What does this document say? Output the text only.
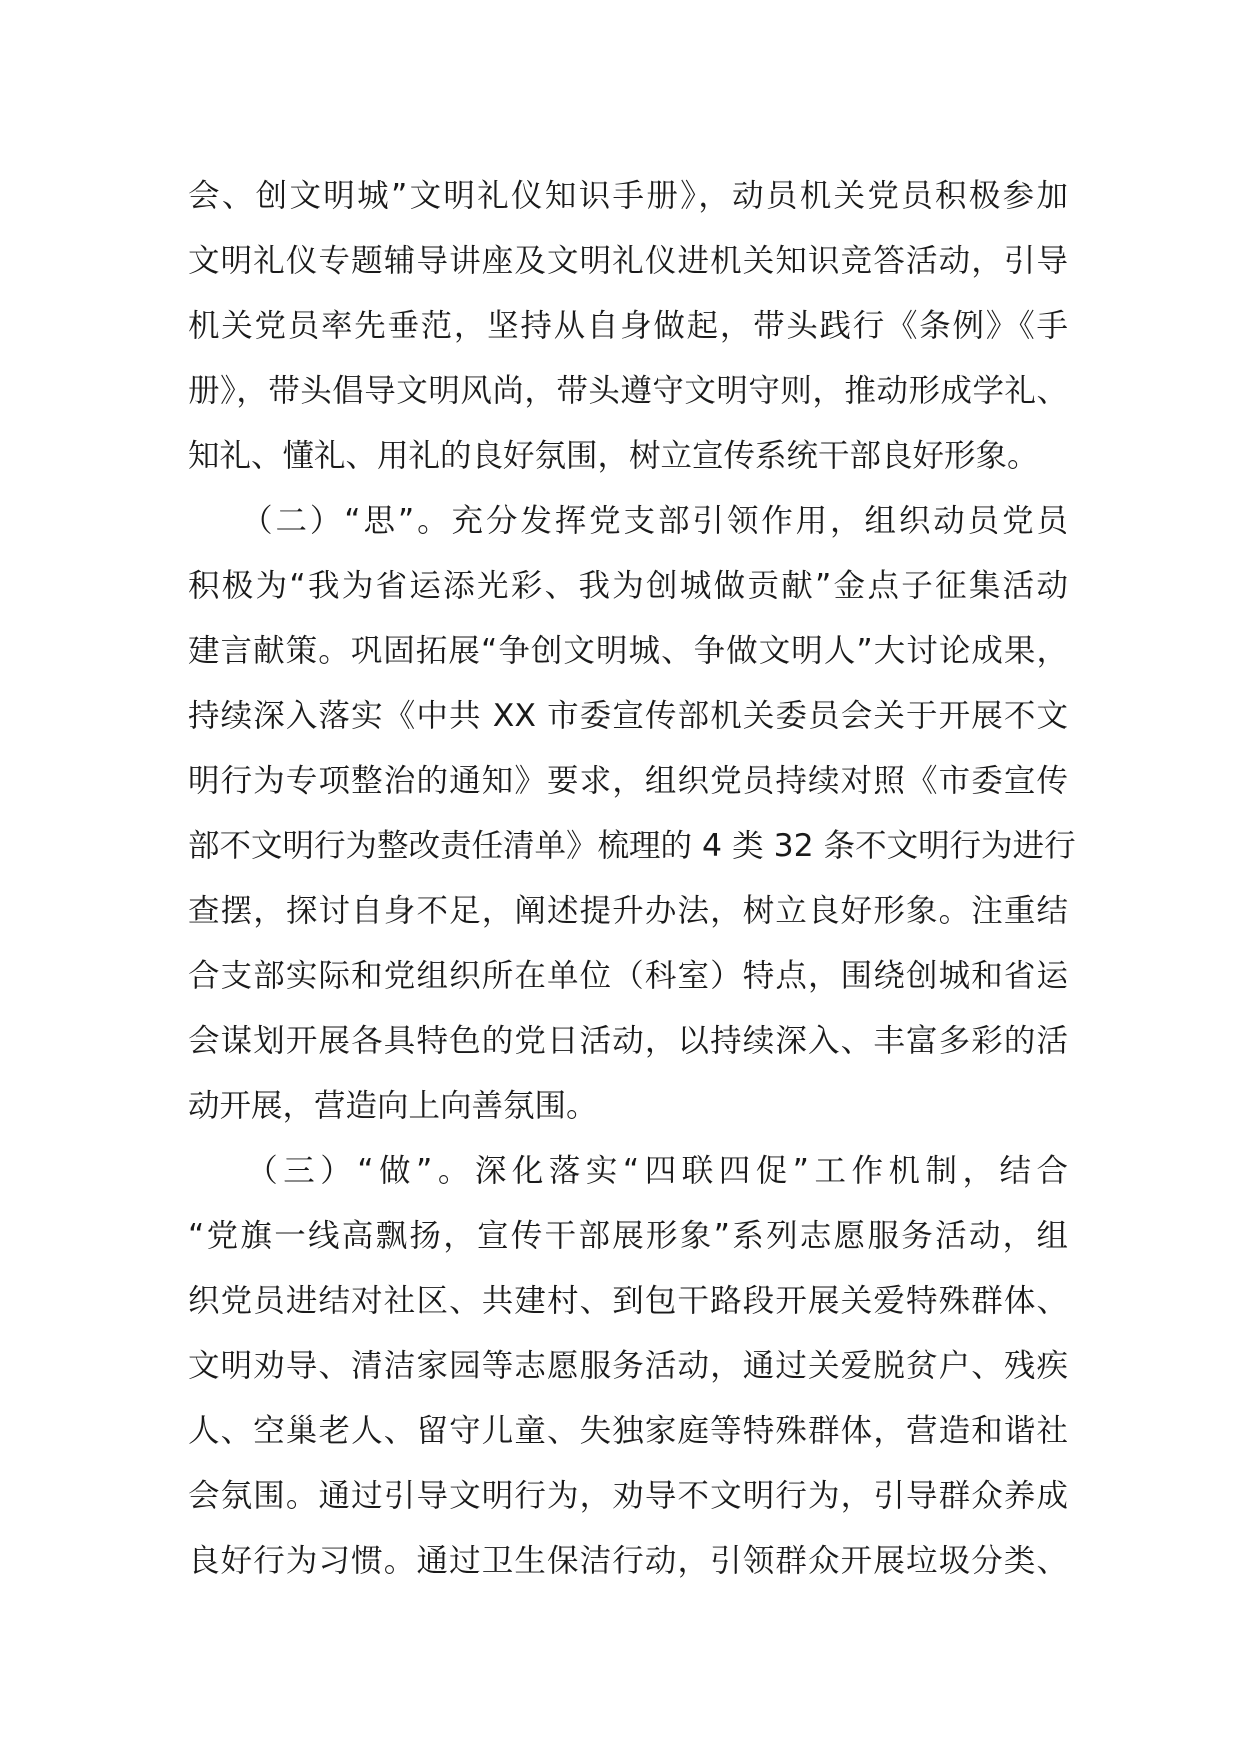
会、创文明城”文明礼仪知识手册》，动员机关党员积极参加
文明礼仪专题辅导讲座及文明礼仪进机关知识竞答活动，引导
机关党员率先垂范，坚持从自身做起，带头践行《条例》《手
册》，带头倡导文明风尚，带头遵守文明守则，推动形成学礼、
知礼、懂礼、用礼的良好氛围，树立宣传系统干部良好形象。
　　（二）“思”。充分发挥党支部引领作用，组织动员党员
积极为“我为省运添光彩、我为创城做贡献”金点子征集活动
建言献策。巩固拓展“争创文明城、争做文明人”大讨论成果，
持续深入落实《中共 XX 市委宣传部机关委员会关于开展不文
明行为专项整治的通知》要求，组织党员持续对照《市委宣传
部不文明行为整改责任清单》梳理的 4 类 32 条不文明行为进行
查摆，探讨自身不足，阐述提升办法，树立良好形象。注重结
合支部实际和党组织所在单位（科室）特点，围绕创城和省运
会谋划开展各具特色的党日活动，以持续深入、丰富多彩的活
动开展，营造向上向善氛围。
　　（三）“做”。深化落实“四联四促”工作机制，结合
“党旗一线高飘扬，宣传干部展形象”系列志愿服务活动，组
织党员进结对社区、共建村、到包干路段开展关爱特殊群体、
文明劝导、清洁家园等志愿服务活动，通过关爱脱贫户、残疾
人、空巢老人、留守儿童、失独家庭等特殊群体，营造和谐社
会氛围。通过引导文明行为，劝导不文明行为，引导群众养成
良好行为习惯。通过卫生保洁行动，引领群众开展垃圾分类、
